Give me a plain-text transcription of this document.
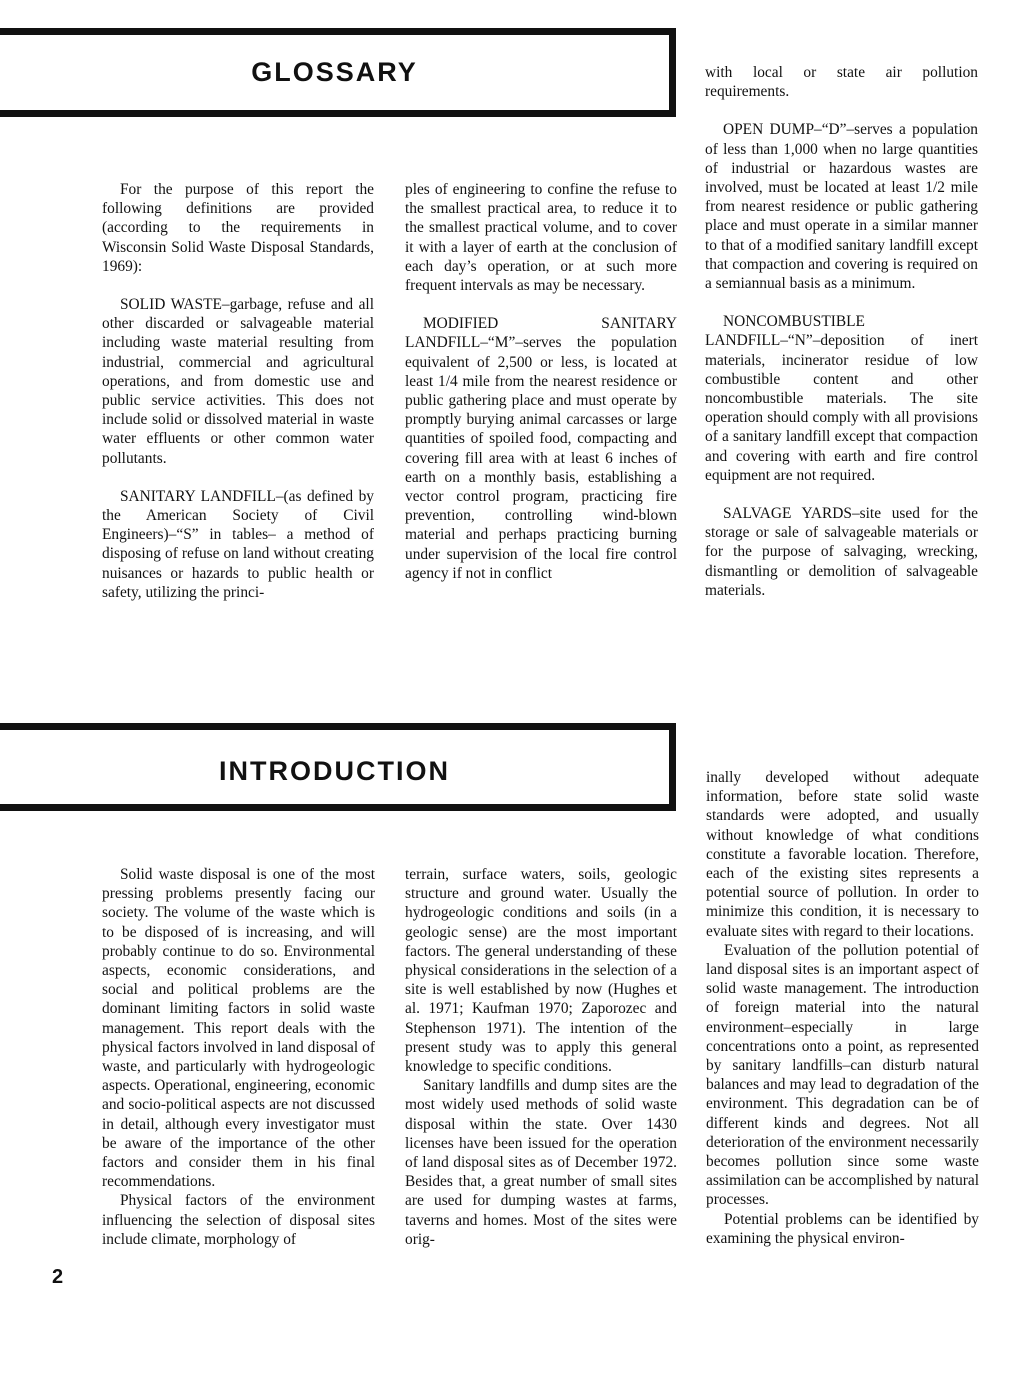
GLOSSARY

For the purpose of this report the following definitions are provided (according to the requirements in Wisconsin Solid Waste Disposal Standards, 1969):

SOLID WASTE–garbage, refuse and all other discarded or salvageable material including waste material resulting from industrial, commercial and agricultural operations, and from domestic use and public service activities. This does not include solid or dissolved material in waste water effluents or other common water pollutants.

SANITARY LANDFILL–(as defined by the American Society of Civil Engineers)–“S” in tables– a method of disposing of refuse on land without creating nuisances or hazards to public health or safety, utilizing the princi-

ples of engineering to confine the refuse to the smallest practical area, to reduce it to the smallest practical volume, and to cover it with a layer of earth at the conclusion of each day’s operation, or at such more frequent intervals as may be necessary.

MODIFIED SANITARY LANDFILL–“M”–serves the population equivalent of 2,500 or less, is located at least 1/4 mile from the nearest residence or public gathering place and must operate by promptly burying animal carcasses or large quantities of spoiled food, compacting and covering fill area with at least 6 inches of earth on a monthly basis, establishing a vector control program, practicing fire prevention, controlling wind-blown material and perhaps practicing burning under supervision of the local fire control agency if not in conflict

with local or state air pollution requirements.

OPEN DUMP–“D”–serves a population of less than 1,000 when no large quantities of industrial or hazardous wastes are involved, must be located at least 1/2 mile from nearest residence or public gathering place and must operate in a similar manner to that of a modified sanitary landfill except that compaction and covering is required on a semiannual basis as a minimum.

NONCOMBUSTIBLE LANDFILL–“N”–deposition of inert materials, incinerator residue of low combustible content and other noncombustible materials. The site operation should comply with all provisions of a sanitary landfill except that compaction and covering with earth and fire control equipment are not required.

SALVAGE YARDS–site used for the storage or sale of salvageable materials or for the purpose of salvaging, wrecking, dismantling or demolition of salvageable materials.

INTRODUCTION

Solid waste disposal is one of the most pressing problems presently facing our society. The volume of the waste which is to be disposed of is increasing, and will probably continue to do so. Environmental aspects, economic considerations, and social and political problems are the dominant limiting factors in solid waste management. This report deals with the physical factors involved in land disposal of waste, and particularly with hydrogeologic aspects. Operational, engineering, economic and socio-political aspects are not discussed in detail, although every investigator must be aware of the importance of the other factors and consider them in his final recommendations.

Physical factors of the environment influencing the selection of disposal sites include climate, morphology of

terrain, surface waters, soils, geologic structure and ground water. Usually the hydrogeologic conditions and soils (in a geologic sense) are the most important factors. The general understanding of these physical considerations in the selection of a site is well established by now (Hughes et al. 1971; Kaufman 1970; Zaporozec and Stephenson 1971). The intention of the present study was to apply this general knowledge to specific conditions.

Sanitary landfills and dump sites are the most widely used methods of solid waste disposal within the state. Over 1430 licenses have been issued for the operation of land disposal sites as of December 1972. Besides that, a great number of small sites are used for dumping wastes at farms, taverns and homes. Most of the sites were orig-

inally developed without adequate information, before state solid waste standards were adopted, and usually without knowledge of what conditions constitute a favorable location. Therefore, each of the existing sites represents a potential source of pollution. In order to minimize this condition, it is necessary to evaluate sites with regard to their locations.

Evaluation of the pollution potential of land disposal sites is an important aspect of solid waste management. The introduction of foreign material into the natural environment–especially in large concentrations onto a point, as represented by sanitary landfills–can disturb natural balances and may lead to degradation of the environment. This degradation can be of different kinds and degrees. Not all deterioration of the environment necessarily becomes pollution since some waste assimilation can be accomplished by natural processes.

Potential problems can be identified by examining the physical environ-

2
